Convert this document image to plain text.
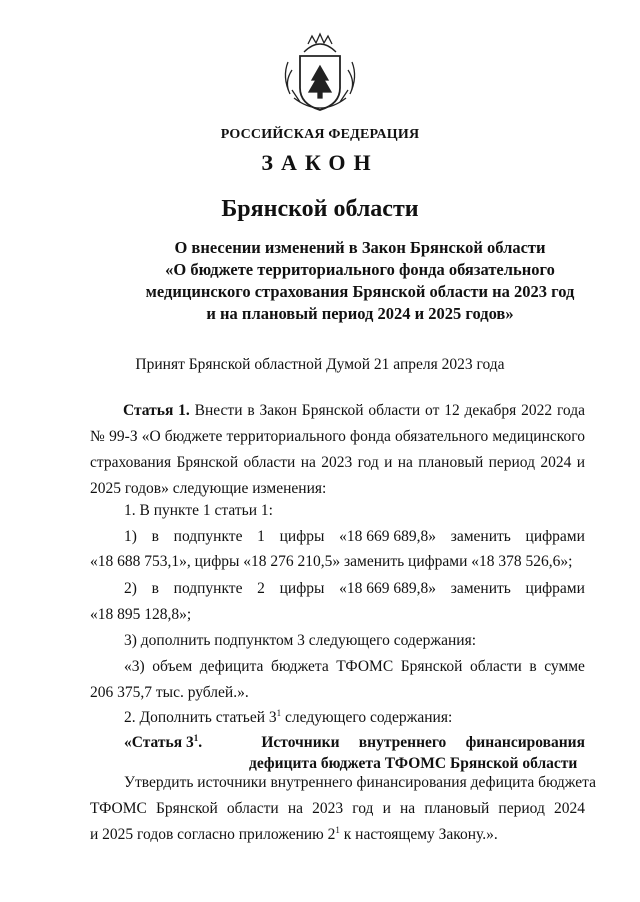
РОССИЙСКАЯ ФЕДЕРАЦИЯ
ЗАКОН
Брянской области
О внесении изменений в Закон Брянской области
«О бюджете территориального фонда обязательного
медицинского страхования Брянской области на 2023 год
и на плановый период 2024 и 2025 годов»
Принят Брянской областной Думой 21 апреля 2023 года
Статья 1. Внести в Закон Брянской области от 12 декабря 2022 года № 99-З «О бюджете территориального фонда обязательного медицинского страхования Брянской области на 2023 год и на плановый период 2024 и 2025 годов» следующие изменения:
1. В пункте 1 статьи 1:
1) в подпункте 1 цифры «18 669 689,8» заменить цифрами
«18 688 753,1», цифры «18 276 210,5» заменить цифрами «18 378 526,6»;
2) в подпункте 2 цифры «18 669 689,8» заменить цифрами
«18 895 128,8»;
3) дополнить подпунктом 3 следующего содержания:
«3) объем дефицита бюджета ТФОМС Брянской области в сумме
206 375,7 тыс. рублей.».
2. Дополнить статьей $3^1$ следующего содержания:
«Статья $3^1$.	Источники внутреннего финансирования
дефицита бюджета ТФОМС Брянской области
Утвердить источники внутреннего финансирования дефицита бюджета
ТФОМС Брянской области на 2023 год и на плановый период 2024
и 2025 годов согласно приложению $2^1$ к настоящему Закону.».
